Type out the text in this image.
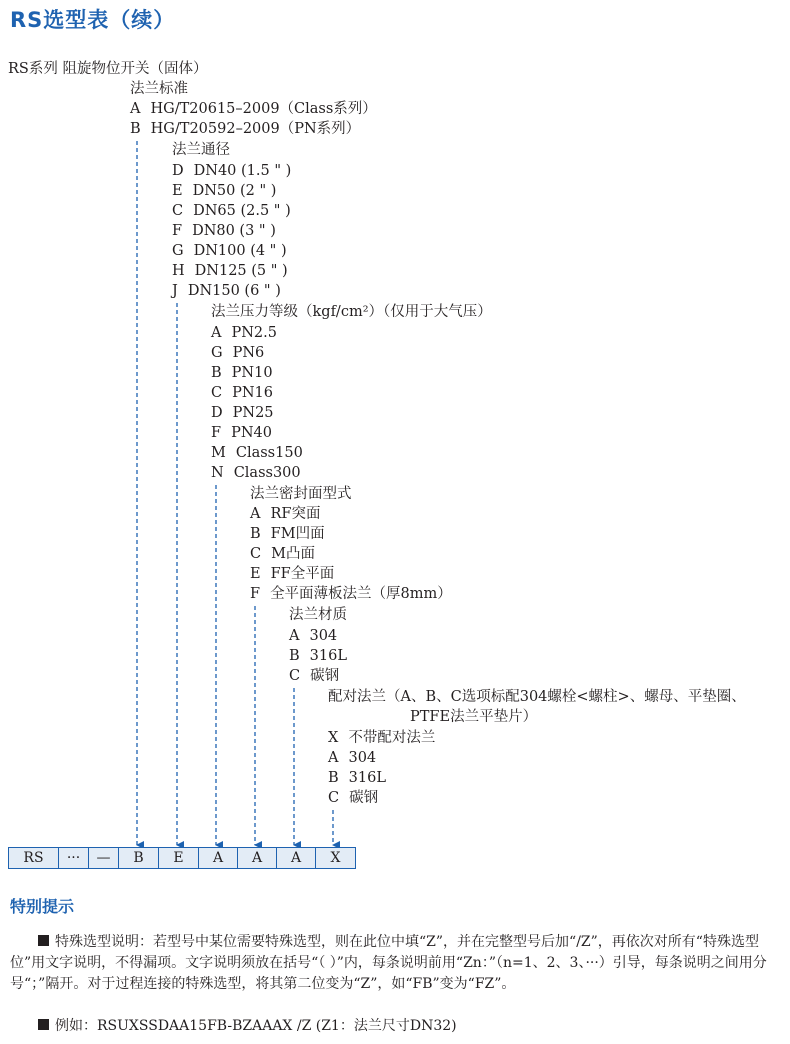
RS选型表（续）
RS系列 阻旋物位开关（固体）
法兰标准
A HG/T20615–2009（Class系列）
B HG/T20592–2009（PN系列）
法兰通径
D DN40 (1.5 " )
E DN50 (2 " )
C DN65 (2.5 " )
F DN80 (3 " )
G DN100 (4 " )
H DN125 (5 " )
J DN150 (6 " )
法兰压力等级（kgf/cm²）（仅用于大气压）
A PN2.5
G PN6
B PN10
C PN16
D PN25
F PN40
M Class150
N Class300
法兰密封面型式
A RF突面
B FM凹面
C M凸面
E FF全平面
F 全平面薄板法兰（厚8mm）
法兰材质
A 304
B 316L
C 碳钢
配对法兰（A、B、C选项标配304螺栓<螺柱>、螺母、平垫圈、
PTFE法兰平垫片）
X 不带配对法兰
A 304
B 316L
C 碳钢
RS	···	—	B	E	A	A	A	X
特别提示
特殊选型说明：若型号中某位需要特殊选型，则在此位中填“Z”，并在完整型号后加“/Z”，再依次对所有“特殊选型位”用文字说明，不得漏项。文字说明须放在括号“（ ）”内，每条说明前用“Zn：”（n=1、2、3、···）引导，每条说明之间用分号“；”隔开。对于过程连接的特殊选型，将其第二位变为“Z”，如“FB”变为“FZ”。
例如：RSUXSSDAA15FB-BZAAAX /Z (Z1：法兰尺寸DN32)
